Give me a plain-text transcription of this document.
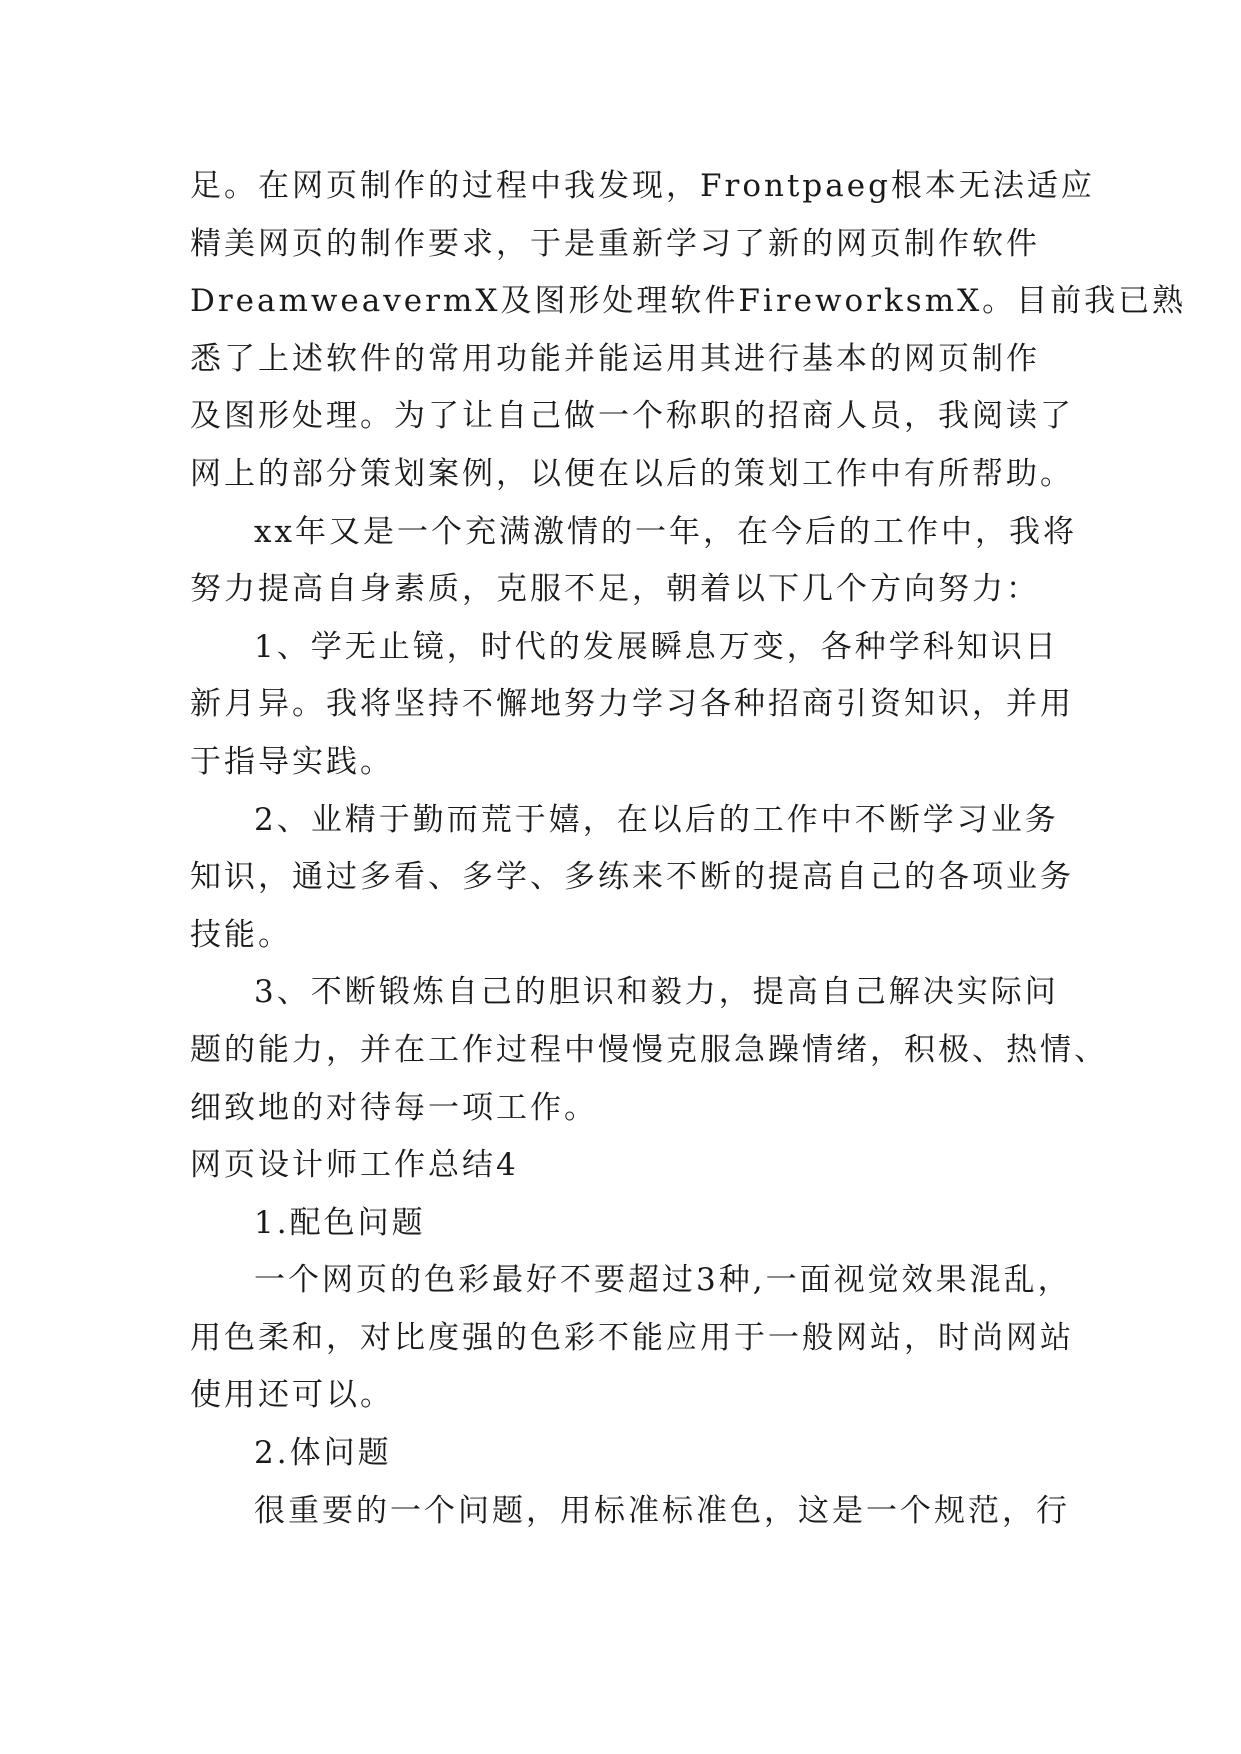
足。在网页制作的过程中我发现，Frontpaeg根本无法适应
精美网页的制作要求，于是重新学习了新的网页制作软件
DreamweavermX及图形处理软件FireworksmX。目前我已熟
悉了上述软件的常用功能并能运用其进行基本的网页制作
及图形处理。为了让自己做一个称职的招商人员，我阅读了
网上的部分策划案例，以便在以后的策划工作中有所帮助。
xx年又是一个充满激情的一年，在今后的工作中，我将
努力提高自身素质，克服不足，朝着以下几个方向努力：
1、学无止镜，时代的发展瞬息万变，各种学科知识日
新月异。我将坚持不懈地努力学习各种招商引资知识，并用
于指导实践。
2、业精于勤而荒于嬉，在以后的工作中不断学习业务
知识，通过多看、多学、多练来不断的提高自己的各项业务
技能。
3、不断锻炼自己的胆识和毅力，提高自己解决实际问
题的能力，并在工作过程中慢慢克服急躁情绪，积极、热情、
细致地的对待每一项工作。
网页设计师工作总结4
1.配色问题
一个网页的色彩最好不要超过3种,一面视觉效果混乱，
用色柔和，对比度强的色彩不能应用于一般网站，时尚网站
使用还可以。
2.体问题
很重要的一个问题，用标准标准色，这是一个规范，行
